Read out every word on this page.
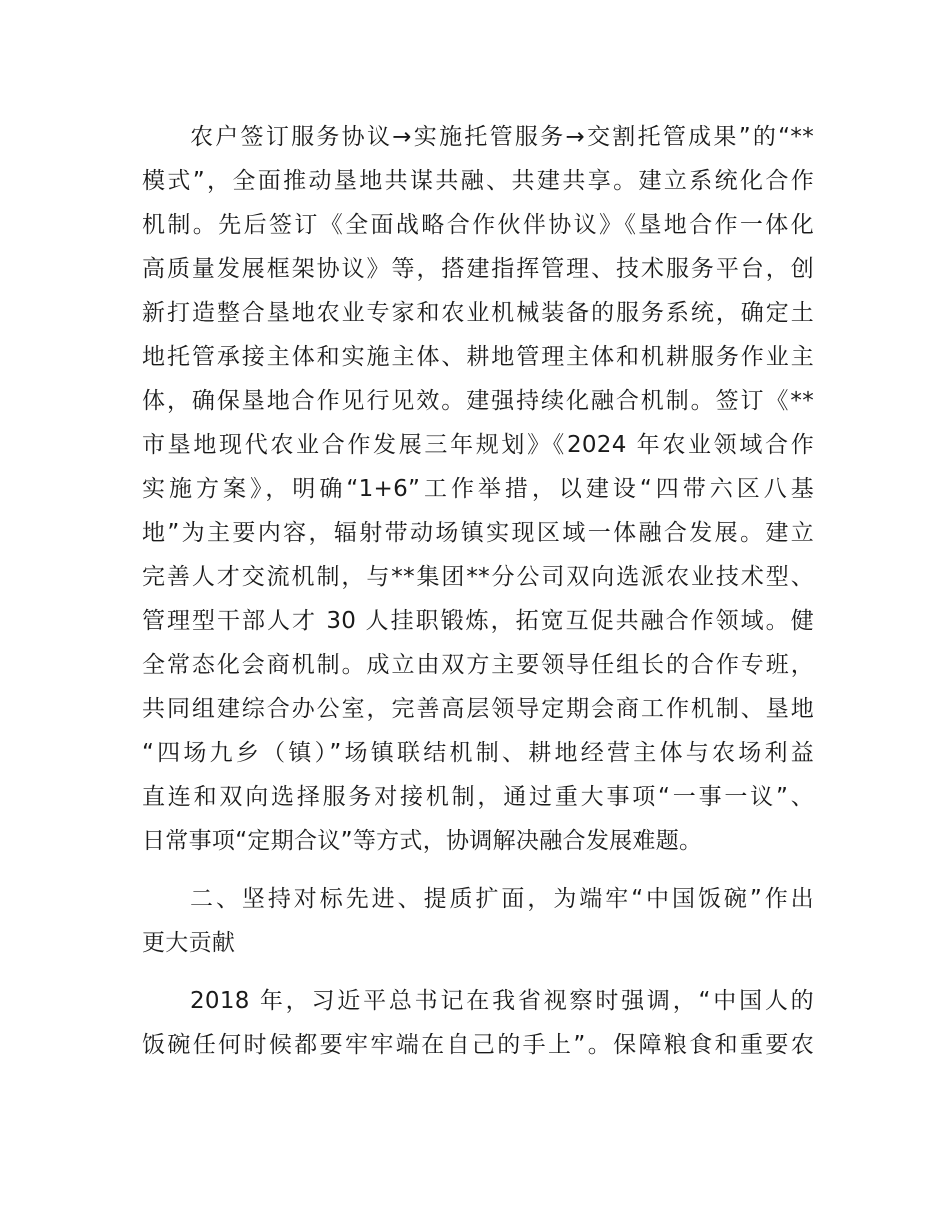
农户签订服务协议→实施托管服务→交割托管成果”的“**
模式”，全面推动垦地共谋共融、共建共享。建立系统化合作
机制。先后签订《全面战略合作伙伴协议》《垦地合作一体化
高质量发展框架协议》等，搭建指挥管理、技术服务平台，创
新打造整合垦地农业专家和农业机械装备的服务系统，确定土
地托管承接主体和实施主体、耕地管理主体和机耕服务作业主
体，确保垦地合作见行见效。建强持续化融合机制。签订《**
市垦地现代农业合作发展三年规划》《2024 年农业领域合作
实施方案》，明确“1+6”工作举措，以建设“四带六区八基
地”为主要内容，辐射带动场镇实现区域一体融合发展。建立
完善人才交流机制，与**集团**分公司双向选派农业技术型、
管理型干部人才 30 人挂职锻炼，拓宽互促共融合作领域。健
全常态化会商机制。成立由双方主要领导任组长的合作专班，
共同组建综合办公室，完善高层领导定期会商工作机制、垦地
“四场九乡（镇）”场镇联结机制、耕地经营主体与农场利益
直连和双向选择服务对接机制，通过重大事项“一事一议”、
日常事项“定期合议”等方式，协调解决融合发展难题。
二、坚持对标先进、提质扩面，为端牢“中国饭碗”作出
更大贡献
2018 年，习近平总书记在我省视察时强调，“中国人的
饭碗任何时候都要牢牢端在自己的手上”。保障粮食和重要农
